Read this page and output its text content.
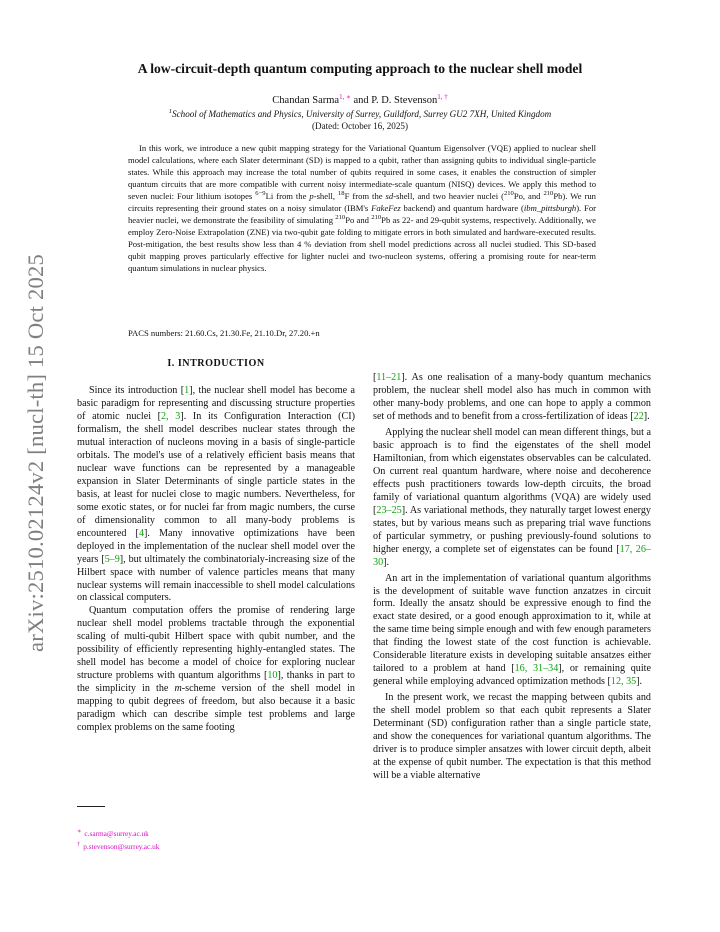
arXiv:2510.02124v2 [nucl-th] 15 Oct 2025
A low-circuit-depth quantum computing approach to the nuclear shell model
Chandan Sarma$^{1, ∗}$ and P. D. Stevenson$^{1, \dagger}$
$^1$School of Mathematics and Physics, University of Surrey, Guildford, Surrey GU2 7XH, United Kingdom
(Dated: October 16, 2025)

In this work, we introduce a new qubit mapping strategy for the Variational Quantum Eigensolver (VQE) applied to nuclear shell model calculations, where each Slater determinant (SD) is mapped to a qubit, rather than assigning qubits to individual single-particle states. While this approach may increase the total number of qubits required in some cases, it enables the construction of simpler quantum circuits that are more compatible with current noisy intermediate-scale quantum (NISQ) devices. We apply this method to seven nuclei: Four lithium isotopes $^{6-9}$Li from the p-shell, $^{18}$F from the sd-shell, and two heavier nuclei ($^{210}$Po, and $^{210}$Pb). We run circuits representing their ground states on a noisy simulator (IBM's FakeFez backend) and quantum hardware (ibm_pittsburgh). For heavier nuclei, we demonstrate the feasibility of simulating $^{210}$Po and $^{210}$Pb as 22- and 29-qubit systems, respectively. Additionally, we employ Zero-Noise Extrapolation (ZNE) via two-qubit gate folding to mitigate errors in both simulated and hardware-executed results. Post-mitigation, the best results show less than 4 % deviation from shell model predictions across all nuclei studied. This SD-based qubit mapping proves particularly effective for lighter nuclei and two-nucleon systems, offering a promising route for near-term quantum simulations in nuclear physics.

PACS numbers: 21.60.Cs, 21.30.Fe, 21.10.Dr, 27.20.+n

I. INTRODUCTION

Since its introduction [1], the nuclear shell model has become a basic paradigm for representing and discussing structure properties of atomic nuclei [2, 3]. In its Configuration Interaction (CI) formalism, the shell model describes nuclear states through the mutual interaction of nucleons moving in a basis of single-particle orbitals. The model's use of a relatively efficient basis means that nuclear wave functions can be represented by a manageable expansion in Slater Determinants of single particle states in the basis, at least for nuclei close to magic numbers. Nevertheless, for some exotic states, or for nuclei far from magic numbers, the curse of dimensionality common to all many-body problems is encountered [4]. Many innovative optimizations have been deployed in the implementation of the nuclear shell model over the years [5–9], but ultimately the combinatorialy-increasing size of the Hilbert space with number of valence particles means that many nuclear systems will remain inaccessible to shell model calculations on classical computers.

Quantum computation offers the promise of rendering large nuclear shell model problems tractable through the exponential scaling of multi-qubit Hilbert space with qubit number, and the possibility of efficiently representing highly-entangled states. The shell model has become a model of choice for exploring nuclear structure problems with quantum algorithms [10], thanks in part to the simplicity in the m-scheme version of the shell model in mapping to qubit degrees of freedom, but also because it a basic paradigm which can describe simple test problems and large complex problems on the same footing

[11–21]. As one realisation of a many-body quantum mechanics problem, the nuclear shell model also has much in common with other many-body problems, and one can hope to apply a common set of methods and to benefit from a cross-fertilization of ideas [22].

Applying the nuclear shell model can mean different things, but a basic approach is to find the eigenstates of the shell model Hamiltonian, from which eigenstates observables can be calculated. On current real quantum hardware, where noise and decoherence effects push practitioners towards low-depth circuits, the broad family of variational quantum algorithms (VQA) are widely used [23–25]. As variational methods, they naturally target lowest energy states, but by various means such as preparing trial wave functions of particular symmetry, or pushing previously-found solutions to higher energy, a complete set of eigenstates can be found [17, 26–30].

An art in the implementation of variational quantum algorithms is the development of suitable wave function anzatzes in circuit form. Ideally the ansatz should be expressive enough to find the exact state desired, or a good enough approximation to it, while at the same time being simple enough and with few enough parameters that finding the lowest state of the cost function is achievable. Considerable literature exists in developing suitable ansatzes either tailored to a problem at hand [16, 31–34], or remaining quite general while employing advanced optimization methods [12, 35].

In the present work, we recast the mapping between qubits and the shell model problem so that each qubit represents a Slater Determinant (SD) configuration rather than a single particle state, and show the conequences for variational quantum algorithms. The driver is to produce simpler ansatzes with lower circuit depth, albeit at the expense of qubit number. The expectation is that this method will be a viable alternative

∗ c.sarma@surrey.ac.uk
† p.stevenson@surrey.ac.uk
